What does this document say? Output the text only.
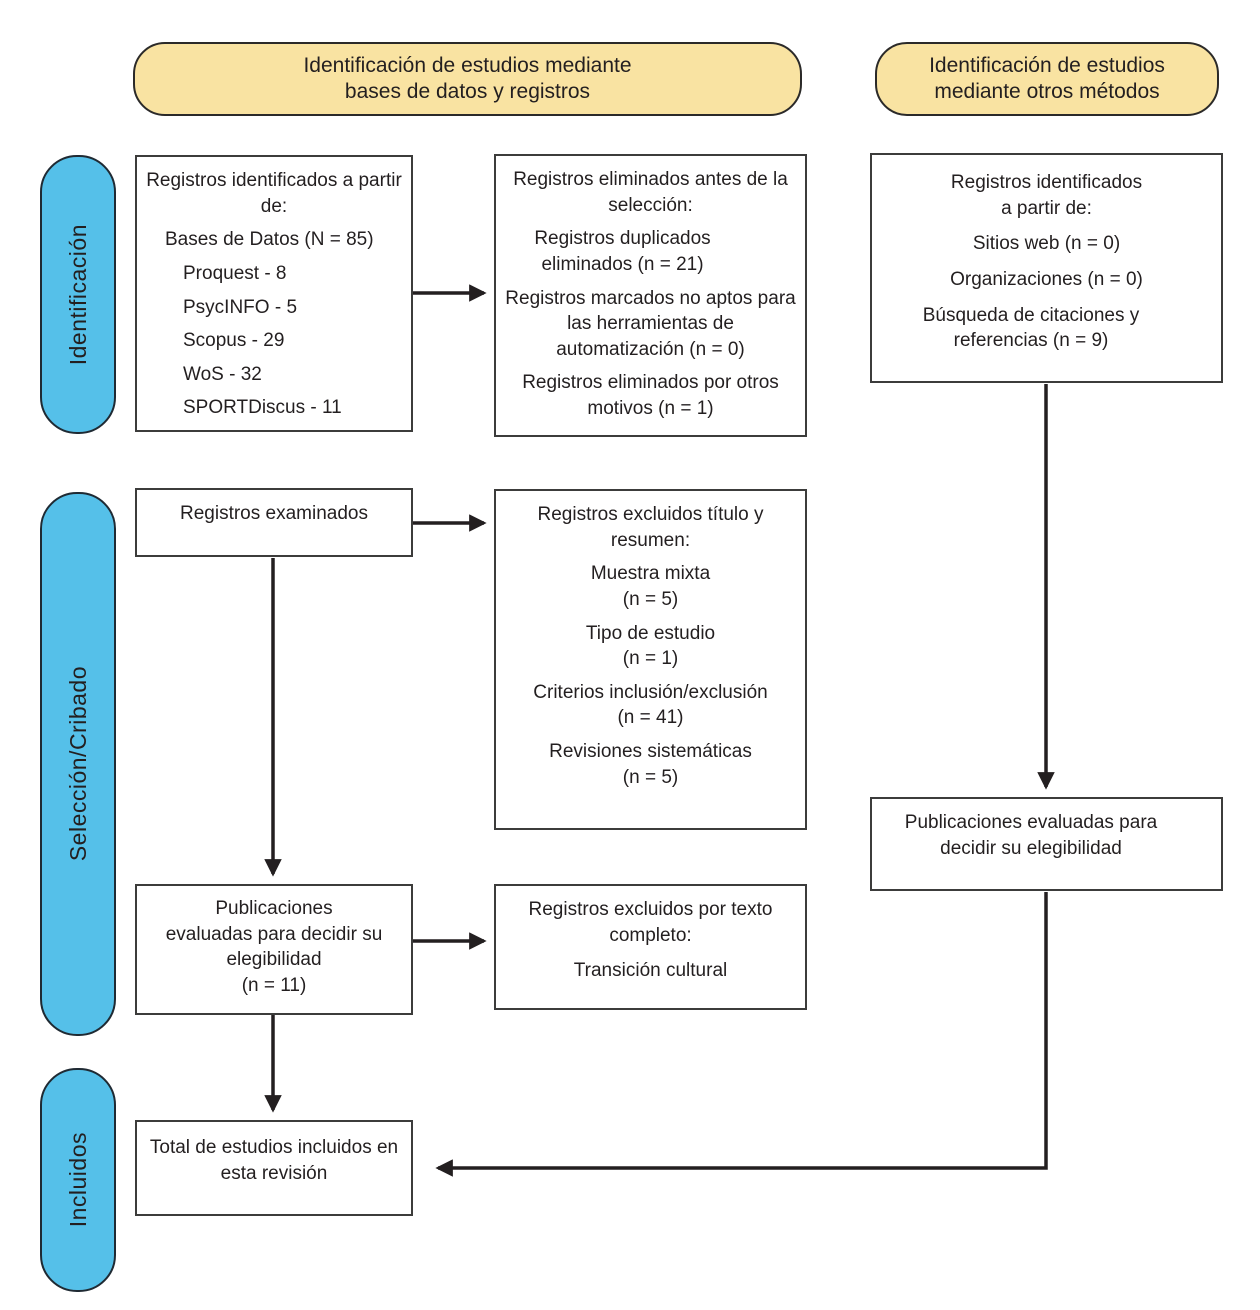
Identificación de estudios mediante
bases de datos y registros
Identificación de estudios
mediante otros métodos
Identificación
Selección/Cribado
Incluidos
Registros identificados a partir de:
Bases de Datos (N = 85)
Proquest - 8
PsycINFO - 5
Scopus - 29
WoS - 32
SPORTDiscus - 11
Registros eliminados antes de la selección:
Registros duplicados eliminados (n = 21)
Registros marcados no aptos para las herramientas de automatización (n = 0)
Registros eliminados por otros motivos (n = 1)
Registros identificados
a partir de:
Sitios web (n = 0)
Organizaciones (n = 0)
Búsqueda de citaciones y referencias (n = 9)
Registros examinados	Registros excluidos título y resumen:
Muestra mixta
(n = 5)
Tipo de estudio
(n = 1)
Criterios inclusión/exclusión
(n = 41)
Revisiones sistemáticas
(n = 5)
Publicaciones
evaluadas para decidir su
elegibilidad
(n = 11)
Registros excluidos por texto completo:
Transición cultural
Publicaciones evaluadas para decidir su elegibilidad
Total de estudios incluidos en esta revisión
